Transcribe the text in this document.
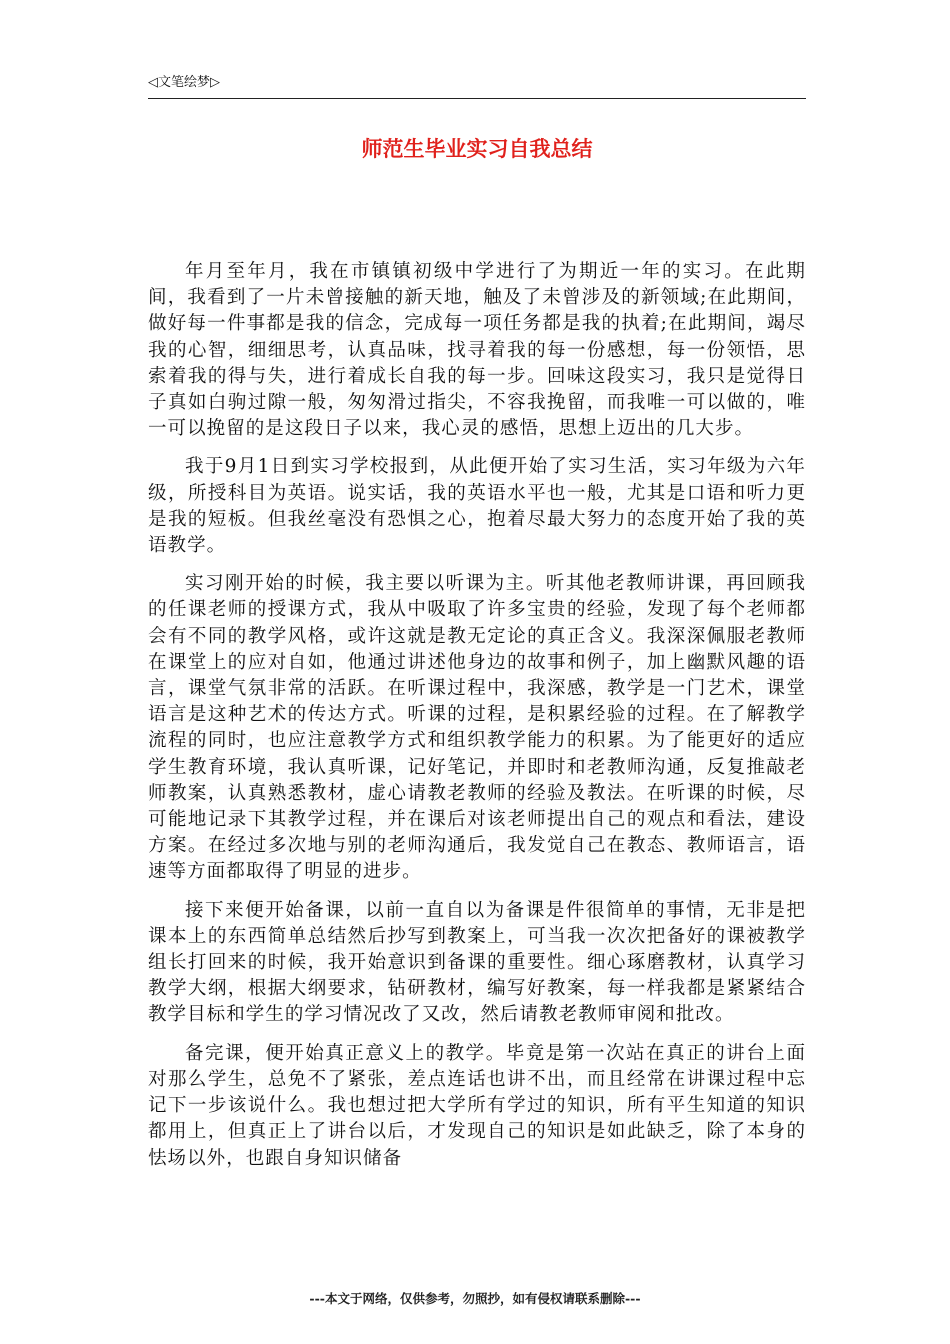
◁文笔绘梦▷
师范生毕业实习自我总结

年月至年月，我在市镇镇初级中学进行了为期近一年的实习。在此期间，我看到了一片未曾接触的新天地，触及了未曾涉及的新领域;在此期间，做好每一件事都是我的信念，完成每一项任务都是我的执着;在此期间，竭尽我的心智，细细思考，认真品味，找寻着我的每一份感想，每一份领悟，思索着我的得与失，进行着成长自我的每一步。回味这段实习，我只是觉得日子真如白驹过隙一般，匆匆滑过指尖，不容我挽留，而我唯一可以做的，唯一可以挽留的是这段日子以来，我心灵的感悟，思想上迈出的几大步。

我于9月1日到实习学校报到，从此便开始了实习生活，实习年级为六年级，所授科目为英语。说实话，我的英语水平也一般，尤其是口语和听力更是我的短板。但我丝毫没有恐惧之心，抱着尽最大努力的态度开始了我的英语教学。

实习刚开始的时候，我主要以听课为主。听其他老教师讲课，再回顾我的任课老师的授课方式，我从中吸取了许多宝贵的经验，发现了每个老师都会有不同的教学风格，或许这就是教无定论的真正含义。我深深佩服老教师在课堂上的应对自如，他通过讲述他身边的故事和例子，加上幽默风趣的语言，课堂气氛非常的活跃。在听课过程中，我深感，教学是一门艺术，课堂语言是这种艺术的传达方式。听课的过程，是积累经验的过程。在了解教学流程的同时，也应注意教学方式和组织教学能力的积累。为了能更好的适应学生教育环境，我认真听课，记好笔记，并即时和老教师沟通，反复推敲老师教案，认真熟悉教材，虚心请教老教师的经验及教法。在听课的时候，尽可能地记录下其教学过程，并在课后对该老师提出自己的观点和看法，建设方案。在经过多次地与别的老师沟通后，我发觉自己在教态、教师语言，语速等方面都取得了明显的进步。

接下来便开始备课，以前一直自以为备课是件很简单的事情，无非是把课本上的东西简单总结然后抄写到教案上，可当我一次次把备好的课被教学组长打回来的时候，我开始意识到备课的重要性。细心琢磨教材，认真学习教学大纲，根据大纲要求，钻研教材，编写好教案，每一样我都是紧紧结合教学目标和学生的学习情况改了又改，然后请教老教师审阅和批改。

备完课，便开始真正意义上的教学。毕竟是第一次站在真正的讲台上面对那么学生，总免不了紧张，差点连话也讲不出，而且经常在讲课过程中忘记下一步该说什么。我也想过把大学所有学过的知识，所有平生知道的知识都用上，但真正上了讲台以后，才发现自己的知识是如此缺乏，除了本身的怯场以外，也跟自身知识储备

---本文于网络，仅供参考，勿照抄，如有侵权请联系删除---
